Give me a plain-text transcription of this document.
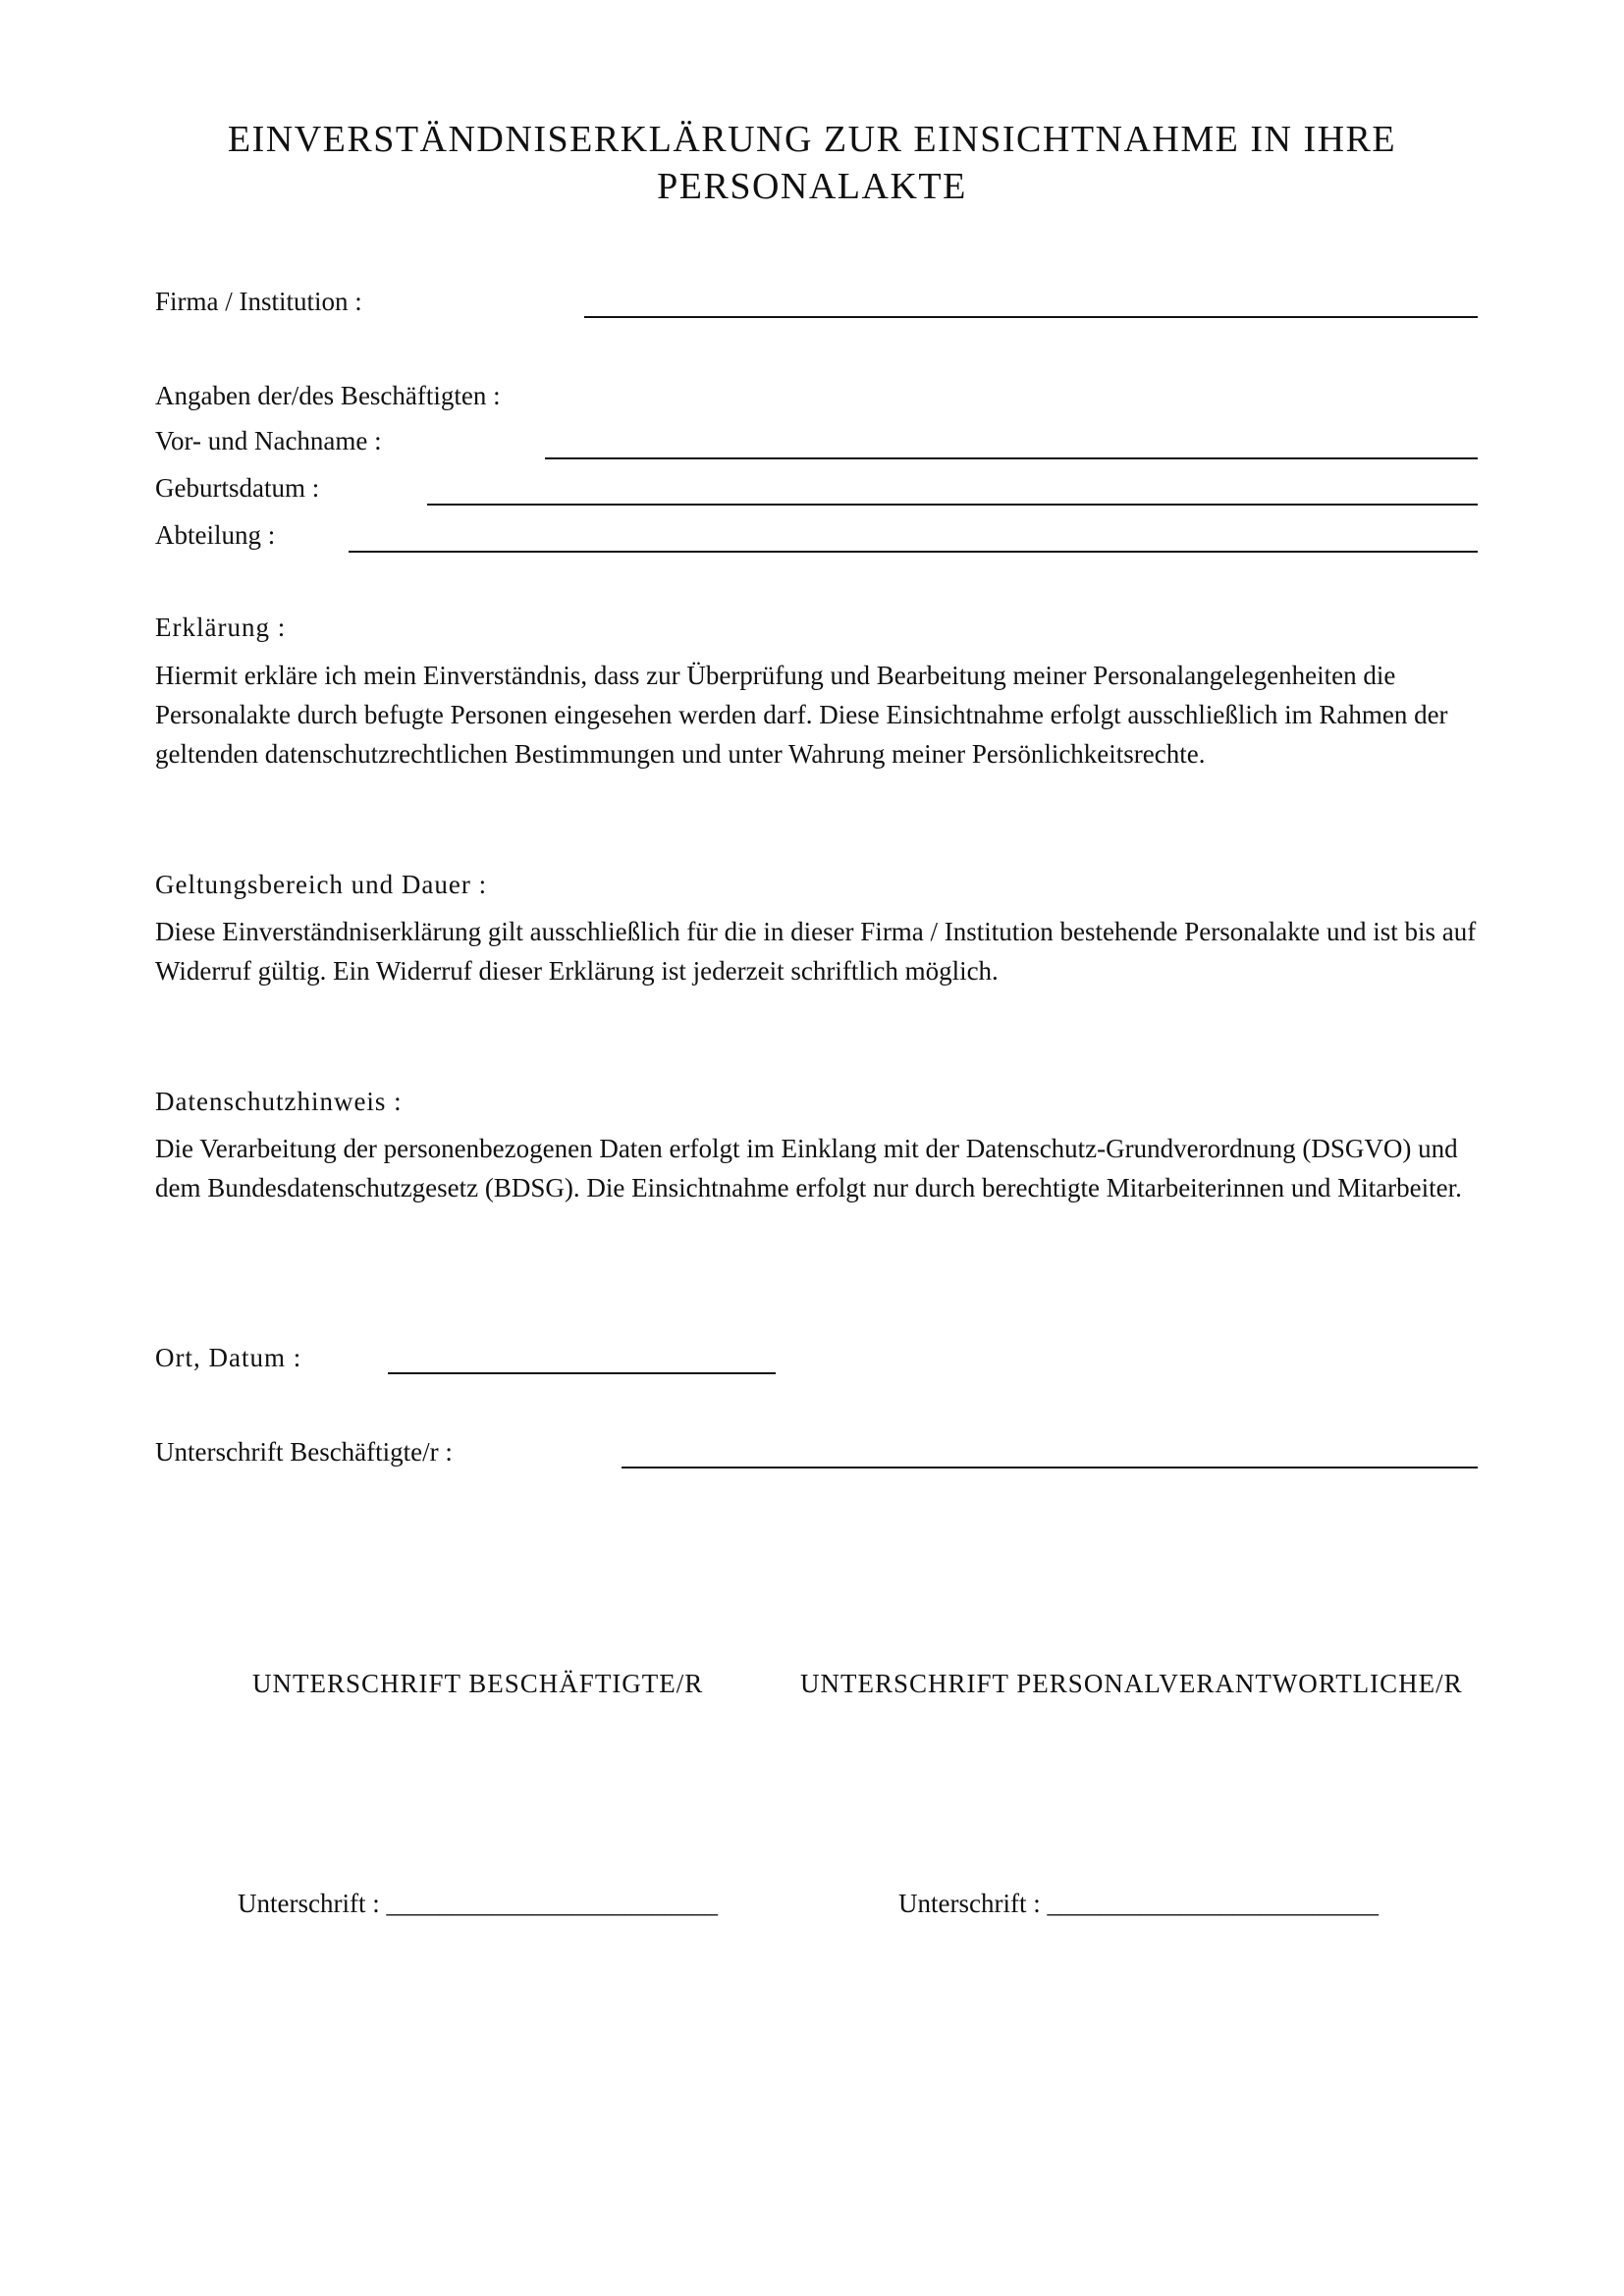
EINVERSTÄNDNISERKLÄRUNG ZUR EINSICHTNAHME IN IHRE
PERSONALAKTE
Firma / Institution :
Angaben der/des Beschäftigten :
Vor- und Nachname :
Geburtsdatum :
Abteilung :
Erklärung :
Hiermit erkläre ich mein Einverständnis, dass zur Überprüfung und Bearbeitung meiner Personalangelegenheiten die Personalakte durch befugte Personen eingesehen werden darf. Diese Einsichtnahme erfolgt ausschließlich im Rahmen der geltenden datenschutzrechtlichen Bestimmungen und unter Wahrung meiner Persönlichkeitsrechte.
Geltungsbereich und Dauer :
Diese Einverständniserklärung gilt ausschließlich für die in dieser Firma / Institution bestehende Personalakte und ist bis auf Widerruf gültig. Ein Widerruf dieser Erklärung ist jederzeit schriftlich möglich.
Datenschutzhinweis :
Die Verarbeitung der personenbezogenen Daten erfolgt im Einklang mit der Datenschutz-Grundverordnung (DSGVO) und dem Bundesdatenschutzgesetz (BDSG). Die Einsichtnahme erfolgt nur durch berechtigte Mitarbeiterinnen und Mitarbeiter.
Ort, Datum :
Unterschrift Beschäftigte/r :
UNTERSCHRIFT BESCHÄFTIGTE/R	UNTERSCHRIFT PERSONALVERANTWORTLICHE/R
Unterschrift : _________________________	Unterschrift : _________________________
